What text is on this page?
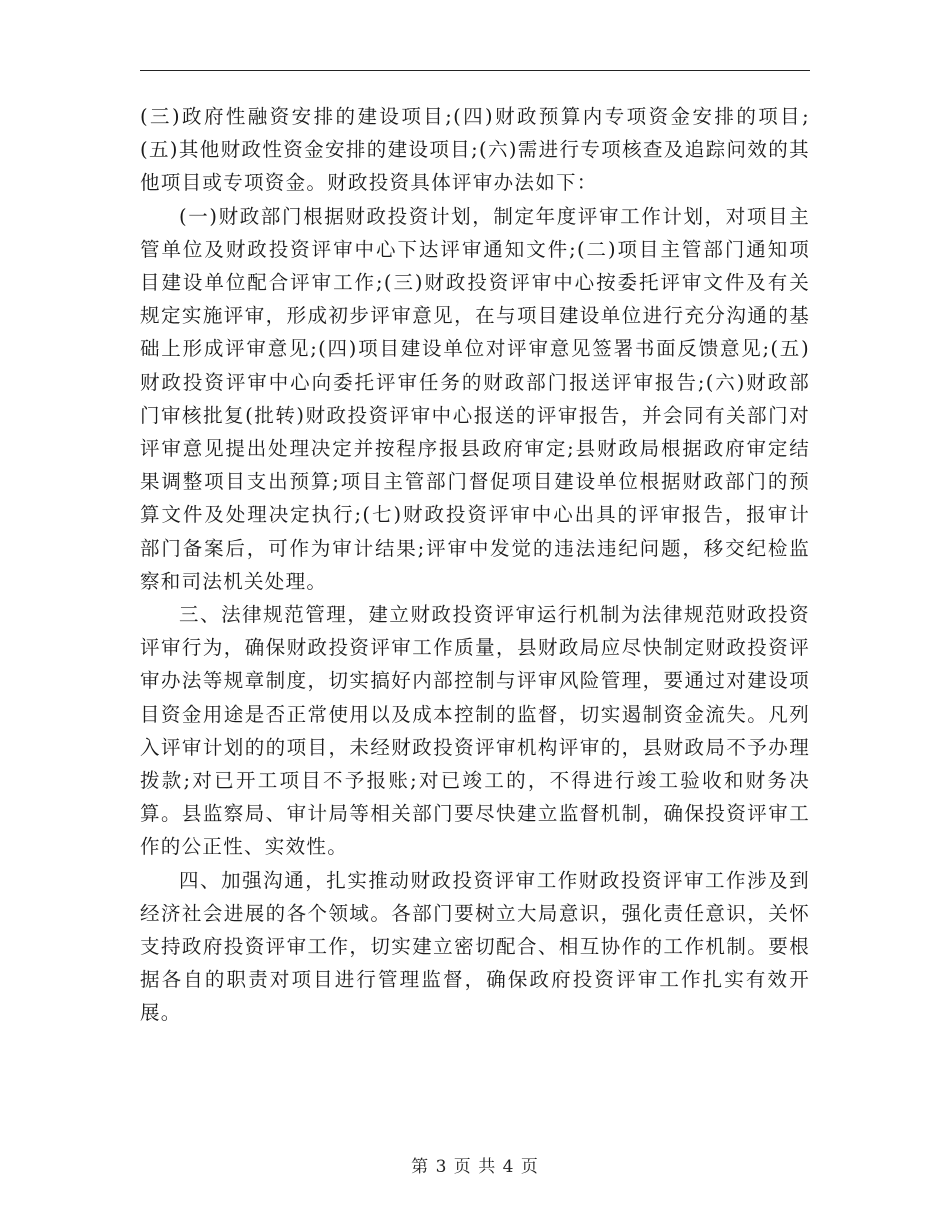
(三)政府性融资安排的建设项目;(四)财政预算内专项资金安排的项目;(五)其他财政性资金安排的建设项目;(六)需进行专项核查及追踪问效的其他项目或专项资金。财政投资具体评审办法如下：

(一)财政部门根据财政投资计划，制定年度评审工作计划，对项目主管单位及财政投资评审中心下达评审通知文件;(二)项目主管部门通知项目建设单位配合评审工作;(三)财政投资评审中心按委托评审文件及有关规定实施评审，形成初步评审意见，在与项目建设单位进行充分沟通的基础上形成评审意见;(四)项目建设单位对评审意见签署书面反馈意见;(五)财政投资评审中心向委托评审任务的财政部门报送评审报告;(六)财政部门审核批复(批转)财政投资评审中心报送的评审报告，并会同有关部门对评审意见提出处理决定并按程序报县政府审定;县财政局根据政府审定结果调整项目支出预算;项目主管部门督促项目建设单位根据财政部门的预算文件及处理决定执行;(七)财政投资评审中心出具的评审报告，报审计部门备案后，可作为审计结果;评审中发觉的违法违纪问题，移交纪检监察和司法机关处理。

三、法律规范管理，建立财政投资评审运行机制为法律规范财政投资评审行为，确保财政投资评审工作质量，县财政局应尽快制定财政投资评审办法等规章制度，切实搞好内部控制与评审风险管理，要通过对建设项目资金用途是否正常使用以及成本控制的监督，切实遏制资金流失。凡列入评审计划的的项目，未经财政投资评审机构评审的，县财政局不予办理拨款;对已开工项目不予报账;对已竣工的，不得进行竣工验收和财务决算。县监察局、审计局等相关部门要尽快建立监督机制，确保投资评审工作的公正性、实效性。

四、加强沟通，扎实推动财政投资评审工作财政投资评审工作涉及到经济社会进展的各个领域。各部门要树立大局意识，强化责任意识，关怀支持政府投资评审工作，切实建立密切配合、相互协作的工作机制。要根据各自的职责对项目进行管理监督，确保政府投资评审工作扎实有效开展。

第 3 页 共 4 页
